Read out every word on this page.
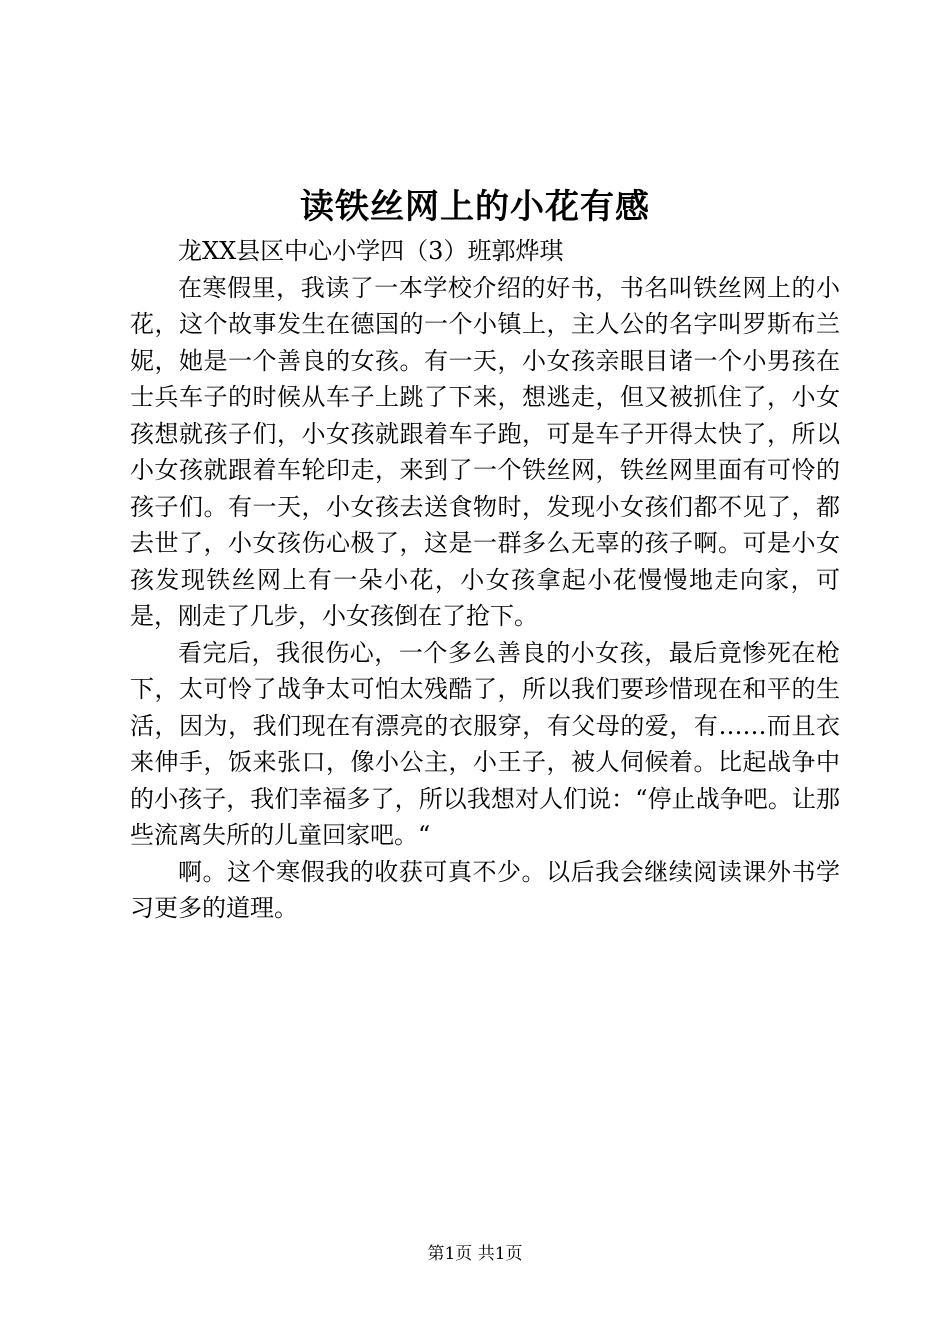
读铁丝网上的小花有感

龙XX县区中心小学四（3）班郭烨琪

在寒假里，我读了一本学校介绍的好书，书名叫铁丝网上的小花，这个故事发生在德国的一个小镇上，主人公的名字叫罗斯布兰妮，她是一个善良的女孩。有一天，小女孩亲眼目诸一个小男孩在士兵车子的时候从车子上跳了下来，想逃走，但又被抓住了，小女孩想就孩子们，小女孩就跟着车子跑，可是车子开得太快了，所以小女孩就跟着车轮印走，来到了一个铁丝网，铁丝网里面有可怜的孩子们。有一天，小女孩去送食物时，发现小女孩们都不见了，都去世了，小女孩伤心极了，这是一群多么无辜的孩子啊。可是小女孩发现铁丝网上有一朵小花，小女孩拿起小花慢慢地走向家，可是，刚走了几步，小女孩倒在了抢下。

看完后，我很伤心，一个多么善良的小女孩，最后竟惨死在枪下，太可怜了战争太可怕太残酷了，所以我们要珍惜现在和平的生活，因为，我们现在有漂亮的衣服穿，有父母的爱，有……而且衣来伸手，饭来张口，像小公主，小王子，被人伺候着。比起战争中的小孩子，我们幸福多了，所以我想对人们说：“停止战争吧。让那些流离失所的儿童回家吧。“

啊。这个寒假我的收获可真不少。以后我会继续阅读课外书学习更多的道理。

第1页 共1页
